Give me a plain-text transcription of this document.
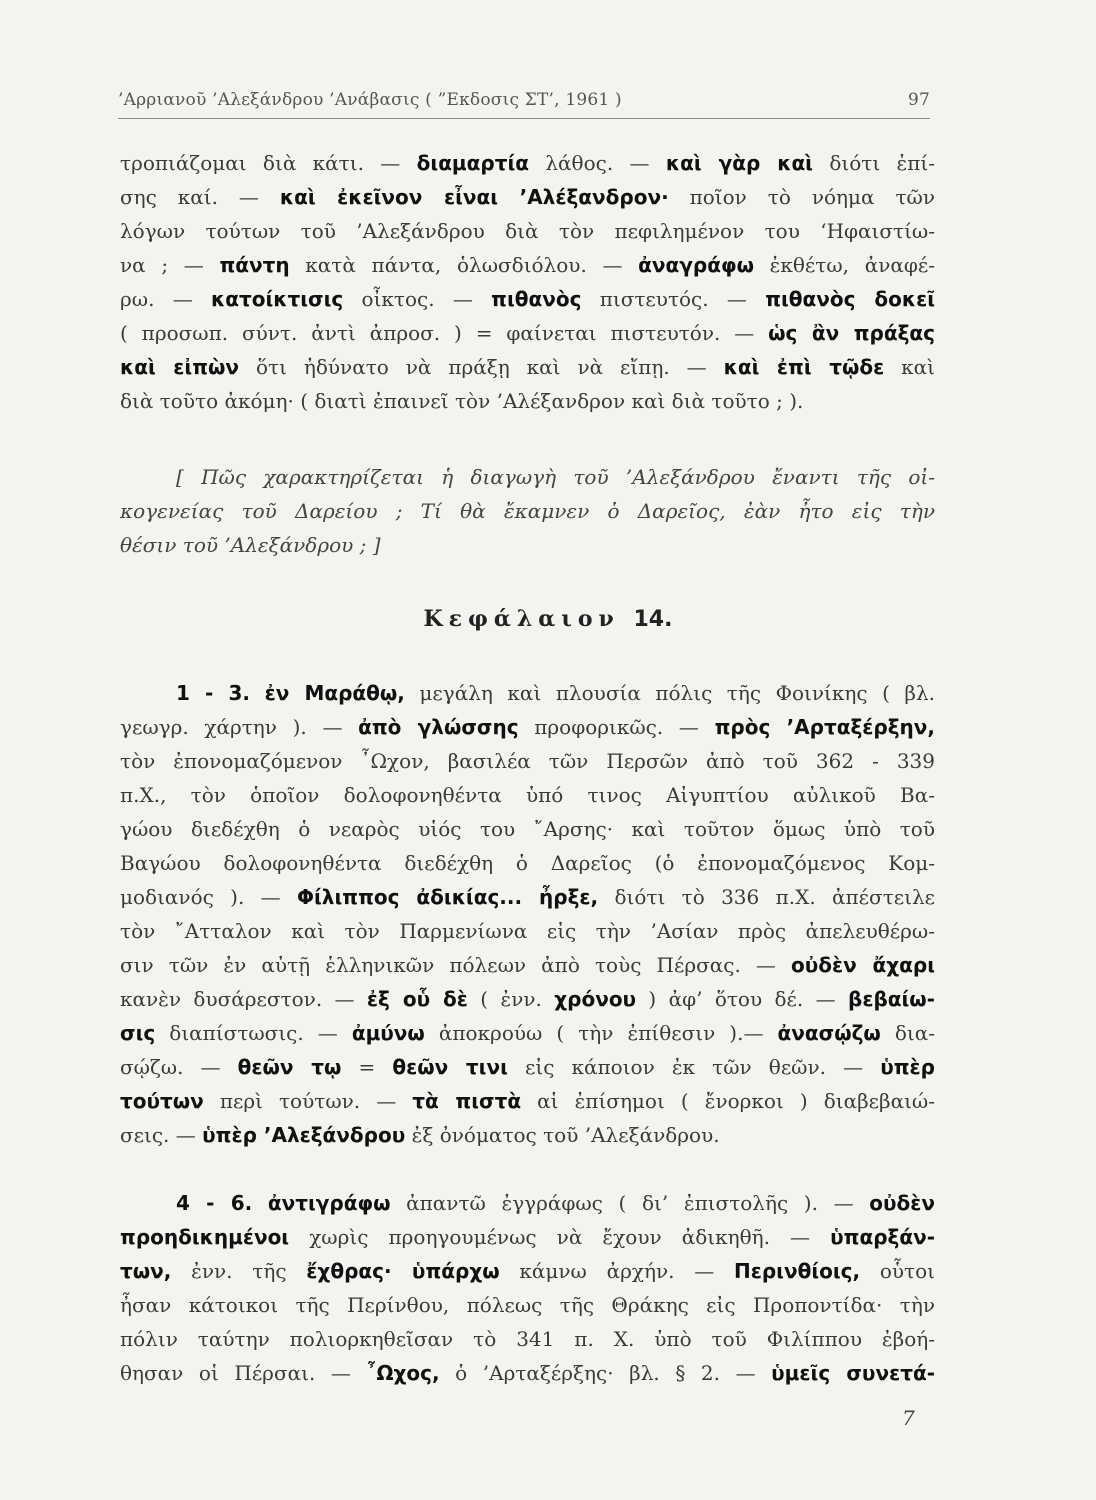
’Αρριανοῦ ’Αλεξάνδρου ’Ανάβασις ( ”Εκδοσις ΣΤ’, 1961 )	97
τροπιάζομαι διὰ κάτι. — διαμαρτία λάθος. — καὶ γὰρ καὶ διότι ἐπί-
σης καί. — καὶ ἐκεῖνον εἶναι ’Αλέξανδρον· ποῖον τὸ νόημα τῶν
λόγων τούτων τοῦ ’Αλεξάνδρου διὰ τὸν πεφιλημένον του ‘Ηφαιστίω-
να ; — πάντη κατὰ πάντα, ὁλωσδιόλου. — ἀναγράφω ἐκθέτω, ἀναφέ-
ρω. — κατοίκτισις οἶκτος. — πιθανὸς πιστευτός. — πιθανὸς δοκεῖ
( προσωπ. σύντ. ἀντὶ ἀπροσ. ) = φαίνεται πιστευτόν. — ὡς ἂν πράξας
καὶ εἰπὼν ὅτι ἠδύνατο νὰ πράξῃ καὶ νὰ εἴπῃ. — καὶ ἐπὶ τῷδε καὶ
διὰ τοῦτο ἀκόμη· ( διατὶ ἐπαινεῖ τὸν ’Αλέξανδρον καὶ διὰ τοῦτο ; ).
[ Πῶς χαρακτηρίζεται ἡ διαγωγὴ τοῦ ’Αλεξάνδρου ἔναντι τῆς οἰ-
κογενείας τοῦ Δαρείου ; Τί θὰ ἔκαμνεν ὁ Δαρεῖος, ἐὰν ἦτο εἰς τὴν
θέσιν τοῦ ’Αλεξάνδρου ; ]
Κεφάλαιον 14.
1 - 3. ἐν Μαράθῳ, μεγάλη καὶ πλουσία πόλις τῆς Φοινίκης ( βλ.
γεωγρ. χάρτην ). — ἀπὸ γλώσσης προφορικῶς. — πρὸς ’Αρταξέρξην,
τὸν ἐπονομαζόμενον ῏Ωχον, βασιλέα τῶν Περσῶν ἀπὸ τοῦ 362 - 339
π.Χ., τὸν ὁποῖον δολοφονηθέντα ὑπό τινος Αἰγυπτίου αὐλικοῦ Βα-
γώου διεδέχθη ὁ νεαρὸς υἱός του ῎Αρσης· καὶ τοῦτον ὅμως ὑπὸ τοῦ
Βαγώου δολοφονηθέντα διεδέχθη ὁ Δαρεῖος (ὁ ἐπονομαζόμενος Κομ-
μοδιανός ). — Φίλιππος ἀδικίας... ἦρξε, διότι τὸ 336 π.Χ. ἀπέστειλε
τὸν ῎Ατταλον καὶ τὸν Παρμενίωνα εἰς τὴν ’Ασίαν πρὸς ἀπελευθέρω-
σιν τῶν ἐν αὐτῇ ἑλληνικῶν πόλεων ἀπὸ τοὺς Πέρσας. — οὐδὲν ἄχαρι
κανὲν δυσάρεστον. — ἐξ οὗ δὲ ( ἐνν. χρόνου ) ἀφ’ ὅτου δέ. — βεβαίω-
σις διαπίστωσις. — ἀμύνω ἀποκρούω ( τὴν ἐπίθεσιν ).— ἀνασῴζω δια-
σῴζω. — θεῶν τῳ = θεῶν τινι εἰς κάποιον ἐκ τῶν θεῶν. — ὑπὲρ
τούτων περὶ τούτων. — τὰ πιστὰ αἱ ἐπίσημοι ( ἔνορκοι ) διαβεβαιώ-
σεις. — ὑπὲρ ’Αλεξάνδρου ἐξ ὀνόματος τοῦ ’Αλεξάνδρου.
4 - 6. ἀντιγράφω ἀπαντῶ ἐγγράφως ( δι’ ἐπιστολῆς ). — οὐδὲν
προηδικημένοι χωρὶς προηγουμένως νὰ ἔχουν ἀδικηθῆ. — ὑπαρξάν-
των, ἐνν. τῆς ἔχθρας· ὑπάρχω κάμνω ἀρχήν. — Περινθίοις, οὗτοι
ἦσαν κάτοικοι τῆς Περίνθου, πόλεως τῆς Θράκης εἰς Προποντίδα· τὴν
πόλιν ταύτην πολιορκηθεῖσαν τὸ 341 π. Χ. ὑπὸ τοῦ Φιλίππου ἐβοή-
θησαν οἱ Πέρσαι. — ῏Ωχος, ὁ ’Αρταξέρξης· βλ. § 2. — ὑμεῖς συνετά-
7
